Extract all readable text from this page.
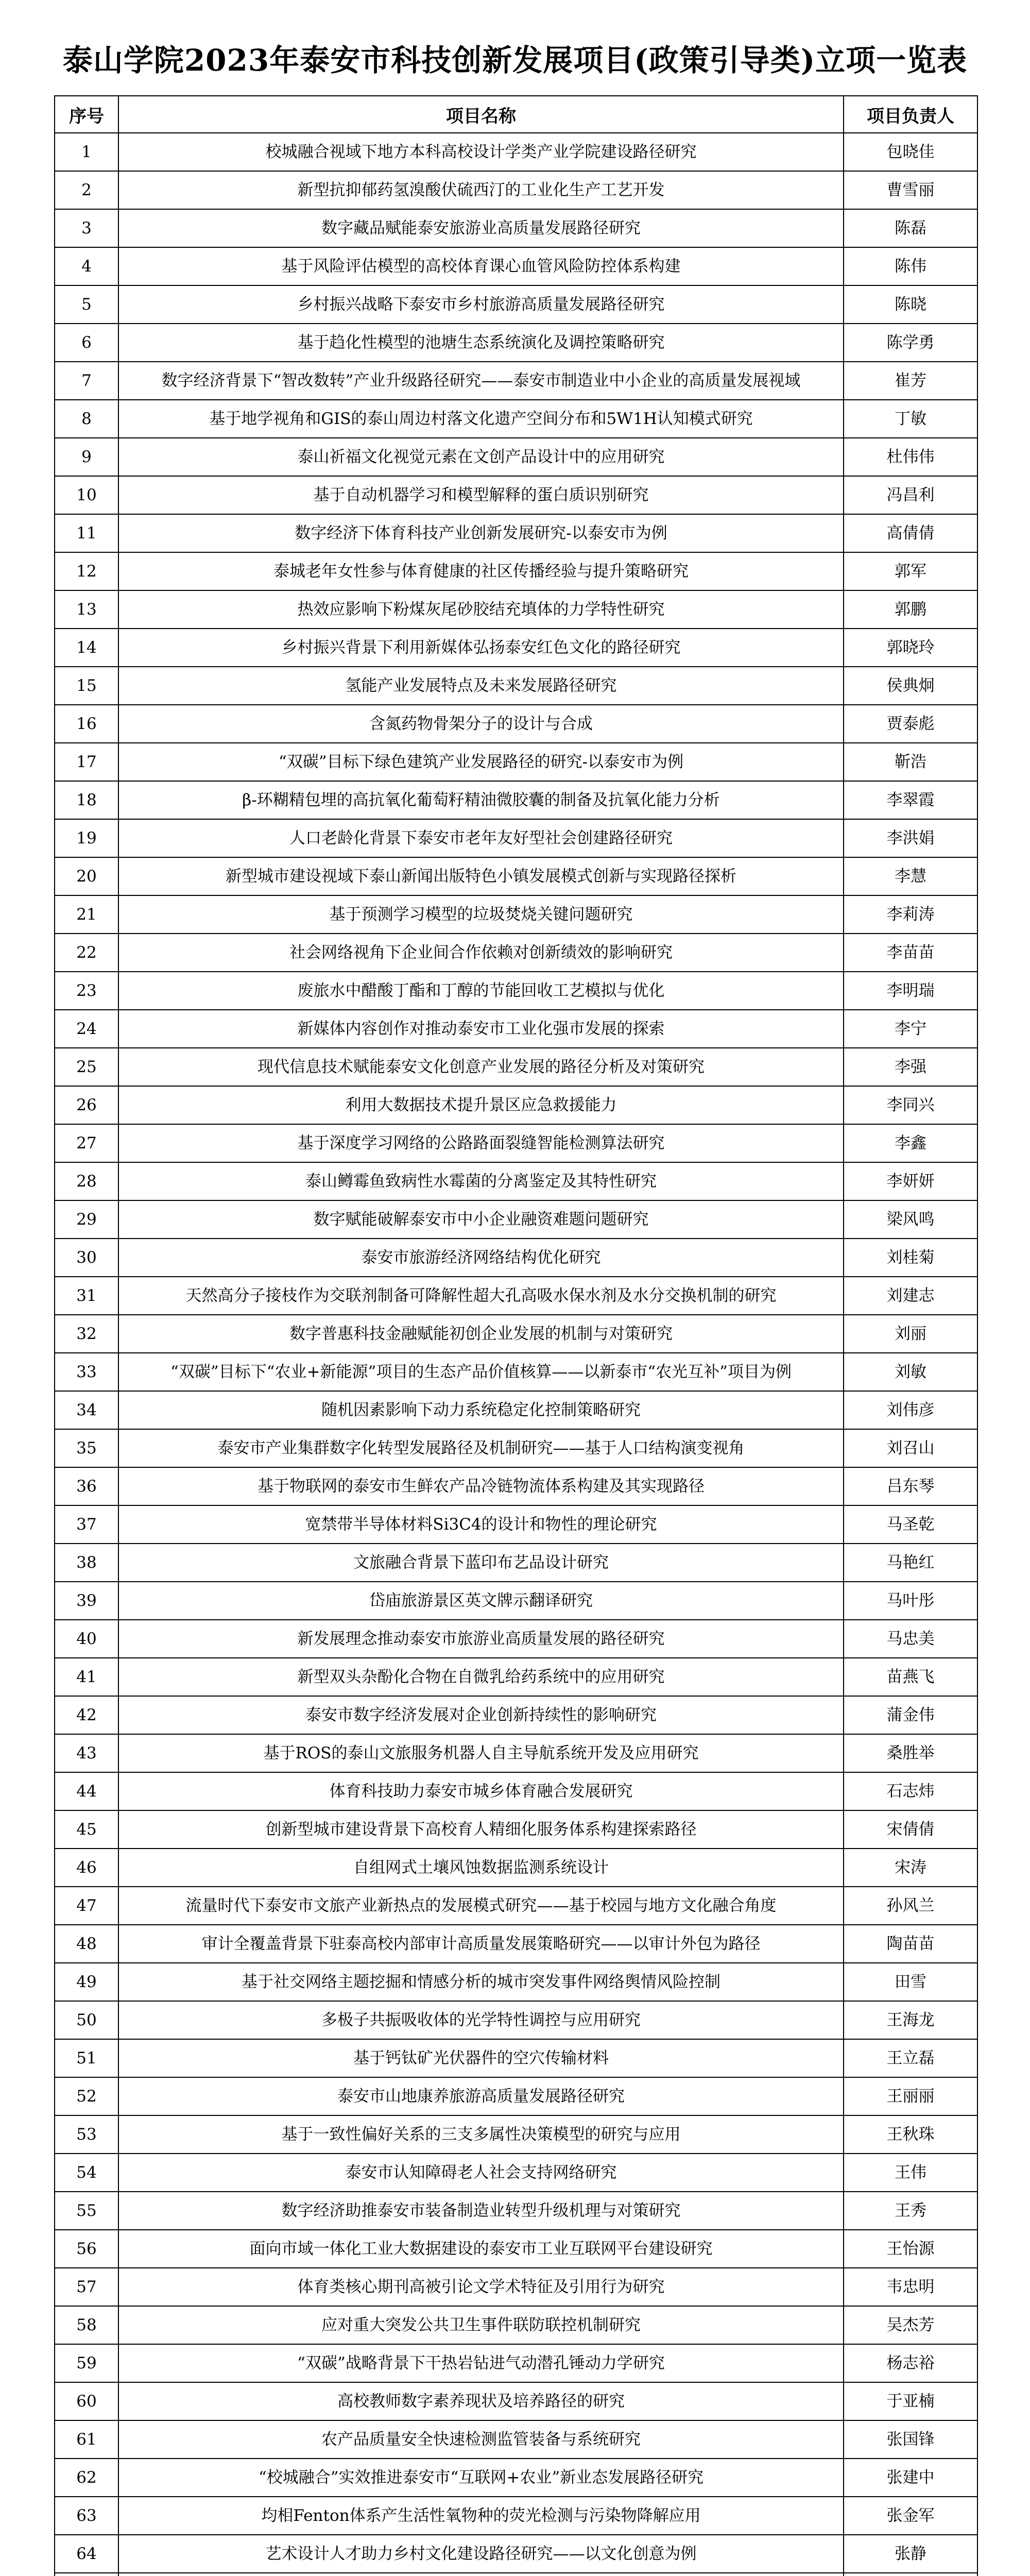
泰山学院2023年泰安市科技创新发展项目(政策引导类)立项一览表
序号	项目名称	项目负责人
1	校城融合视域下地方本科高校设计学类产业学院建设路径研究	包晓佳
2	新型抗抑郁药氢溴酸伏硫西汀的工业化生产工艺开发	曹雪丽
3	数字藏品赋能泰安旅游业高质量发展路径研究	陈磊
4	基于风险评估模型的高校体育课心血管风险防控体系构建	陈伟
5	乡村振兴战略下泰安市乡村旅游高质量发展路径研究	陈晓
6	基于趋化性模型的池塘生态系统演化及调控策略研究	陈学勇
7	数字经济背景下“智改数转”产业升级路径研究——泰安市制造业中小企业的高质量发展视域	崔芳
8	基于地学视角和GIS的泰山周边村落文化遗产空间分布和5W1H认知模式研究	丁敏
9	泰山祈福文化视觉元素在文创产品设计中的应用研究	杜伟伟
10	基于自动机器学习和模型解释的蛋白质识别研究	冯昌利
11	数字经济下体育科技产业创新发展研究-以泰安市为例	高倩倩
12	泰城老年女性参与体育健康的社区传播经验与提升策略研究	郭军
13	热效应影响下粉煤灰尾砂胶结充填体的力学特性研究	郭鹏
14	乡村振兴背景下利用新媒体弘扬泰安红色文化的路径研究	郭晓玲
15	氢能产业发展特点及未来发展路径研究	侯典炯
16	含氮药物骨架分子的设计与合成	贾泰彪
17	“双碳”目标下绿色建筑产业发展路径的研究-以泰安市为例	靳浩
18	β-环糊精包埋的高抗氧化葡萄籽精油微胶囊的制备及抗氧化能力分析	李翠霞
19	人口老龄化背景下泰安市老年友好型社会创建路径研究	李洪娟
20	新型城市建设视域下泰山新闻出版特色小镇发展模式创新与实现路径探析	李慧
21	基于预测学习模型的垃圾焚烧关键问题研究	李莉涛
22	社会网络视角下企业间合作依赖对创新绩效的影响研究	李苗苗
23	废旅水中醋酸丁酯和丁醇的节能回收工艺模拟与优化	李明瑞
24	新媒体内容创作对推动泰安市工业化强市发展的探索	李宁
25	现代信息技术赋能泰安文化创意产业发展的路径分析及对策研究	李强
26	利用大数据技术提升景区应急救援能力	李同兴
27	基于深度学习网络的公路路面裂缝智能检测算法研究	李鑫
28	泰山鳟霉鱼致病性水霉菌的分离鉴定及其特性研究	李妍妍
29	数字赋能破解泰安市中小企业融资难题问题研究	梁风鸣
30	泰安市旅游经济网络结构优化研究	刘桂菊
31	天然高分子接枝作为交联剂制备可降解性超大孔高吸水保水剂及水分交换机制的研究	刘建志
32	数字普惠科技金融赋能初创企业发展的机制与对策研究	刘丽
33	“双碳”目标下“农业+新能源”项目的生态产品价值核算——以新泰市“农光互补”项目为例	刘敏
34	随机因素影响下动力系统稳定化控制策略研究	刘伟彦
35	泰安市产业集群数字化转型发展路径及机制研究——基于人口结构演变视角	刘召山
36	基于物联网的泰安市生鲜农产品冷链物流体系构建及其实现路径	吕东琴
37	宽禁带半导体材料Si3C4的设计和物性的理论研究	马圣乾
38	文旅融合背景下蓝印布艺品设计研究	马艳红
39	岱庙旅游景区英文牌示翻译研究	马叶彤
40	新发展理念推动泰安市旅游业高质量发展的路径研究	马忠美
41	新型双头杂酚化合物在自微乳给药系统中的应用研究	苗燕飞
42	泰安市数字经济发展对企业创新持续性的影响研究	蒲金伟
43	基于ROS的泰山文旅服务机器人自主导航系统开发及应用研究	桑胜举
44	体育科技助力泰安市城乡体育融合发展研究	石志炜
45	创新型城市建设背景下高校育人精细化服务体系构建探索路径	宋倩倩
46	自组网式土壤风蚀数据监测系统设计	宋涛
47	流量时代下泰安市文旅产业新热点的发展模式研究——基于校园与地方文化融合角度	孙风兰
48	审计全覆盖背景下驻泰高校内部审计高质量发展策略研究——以审计外包为路径	陶苗苗
49	基于社交网络主题挖掘和情感分析的城市突发事件网络舆情风险控制	田雪
50	多极子共振吸收体的光学特性调控与应用研究	王海龙
51	基于钙钛矿光伏器件的空穴传输材料	王立磊
52	泰安市山地康养旅游高质量发展路径研究	王丽丽
53	基于一致性偏好关系的三支多属性决策模型的研究与应用	王秋珠
54	泰安市认知障碍老人社会支持网络研究	王伟
55	数字经济助推泰安市装备制造业转型升级机理与对策研究	王秀
56	面向市域一体化工业大数据建设的泰安市工业互联网平台建设研究	王怡源
57	体育类核心期刊高被引论文学术特征及引用行为研究	韦忠明
58	应对重大突发公共卫生事件联防联控机制研究	吴杰芳
59	“双碳”战略背景下干热岩钻进气动潜孔锤动力学研究	杨志裕
60	高校教师数字素养现状及培养路径的研究	于亚楠
61	农产品质量安全快速检测监管装备与系统研究	张国锋
62	“校城融合”实效推进泰安市“互联网+农业”新业态发展路径研究	张建中
63	均相Fenton体系产生活性氧物种的荧光检测与污染物降解应用	张金军
64	艺术设计人才助力乡村文化建设路径研究——以文化创意为例	张静
